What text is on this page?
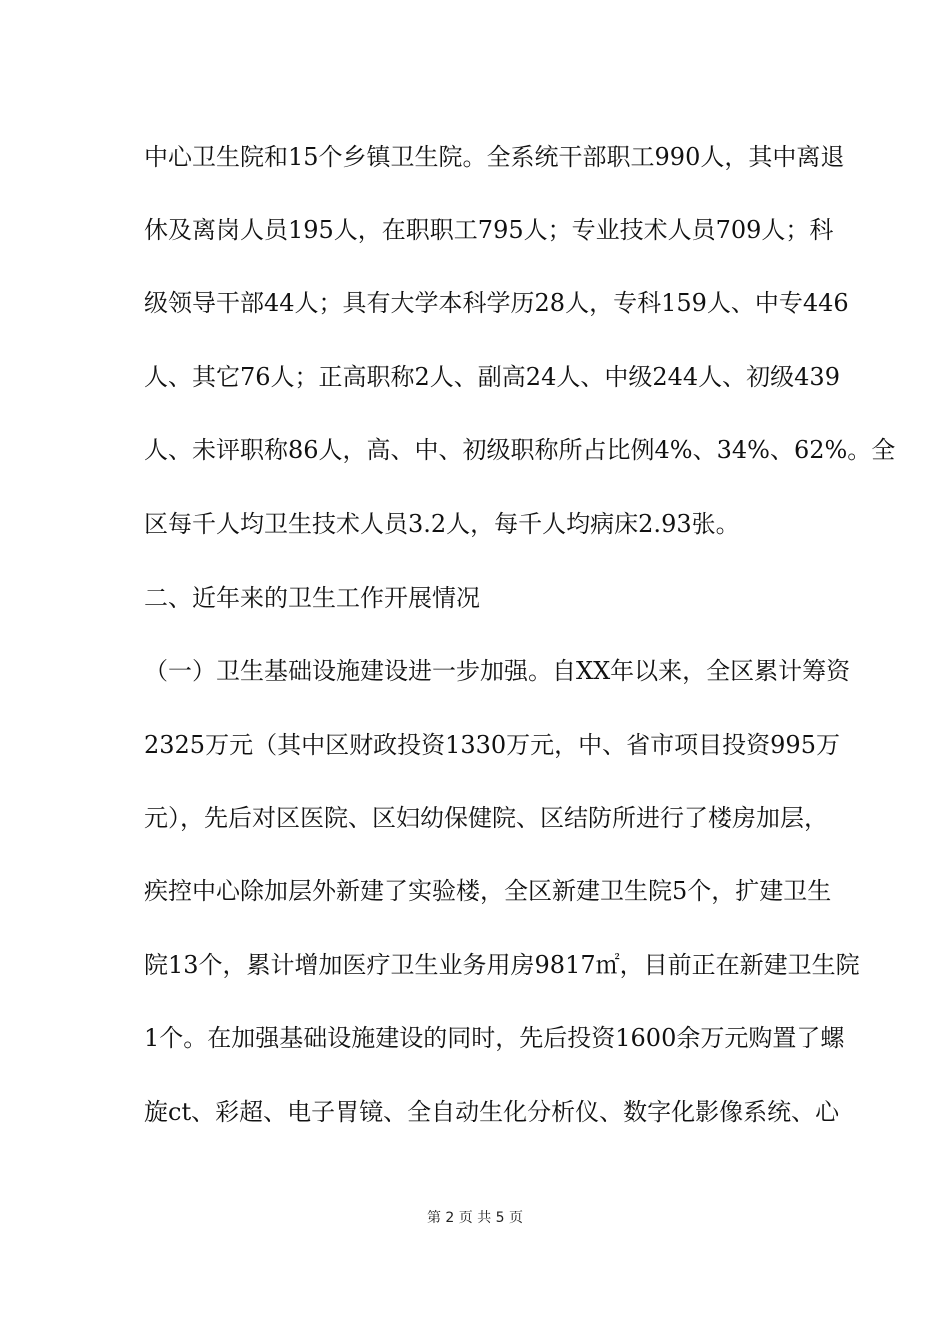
中心卫生院和15个乡镇卫生院。全系统干部职工990人，其中离退
休及离岗人员195人，在职职工795人；专业技术人员709人；科
级领导干部44人；具有大学本科学历28人，专科159人、中专446
人、其它76人；正高职称2人、副高24人、中级244人、初级439
人、未评职称86人，高、中、初级职称所占比例4%、34%、62%。全
区每千人均卫生技术人员3.2人，每千人均病床2.93张。
二、近年来的卫生工作开展情况
（一）卫生基础设施建设进一步加强。自XX年以来，全区累计筹资
2325万元（其中区财政投资1330万元，中、省市项目投资995万
元），先后对区医院、区妇幼保健院、区结防所进行了楼房加层，
疾控中心除加层外新建了实验楼，全区新建卫生院5个，扩建卫生
院13个，累计增加医疗卫生业务用房9817㎡，目前正在新建卫生院
1个。在加强基础设施建设的同时，先后投资1600余万元购置了螺
旋ct、彩超、电子胃镜、全自动生化分析仪、数字化影像系统、心
第 2 页 共 5 页
